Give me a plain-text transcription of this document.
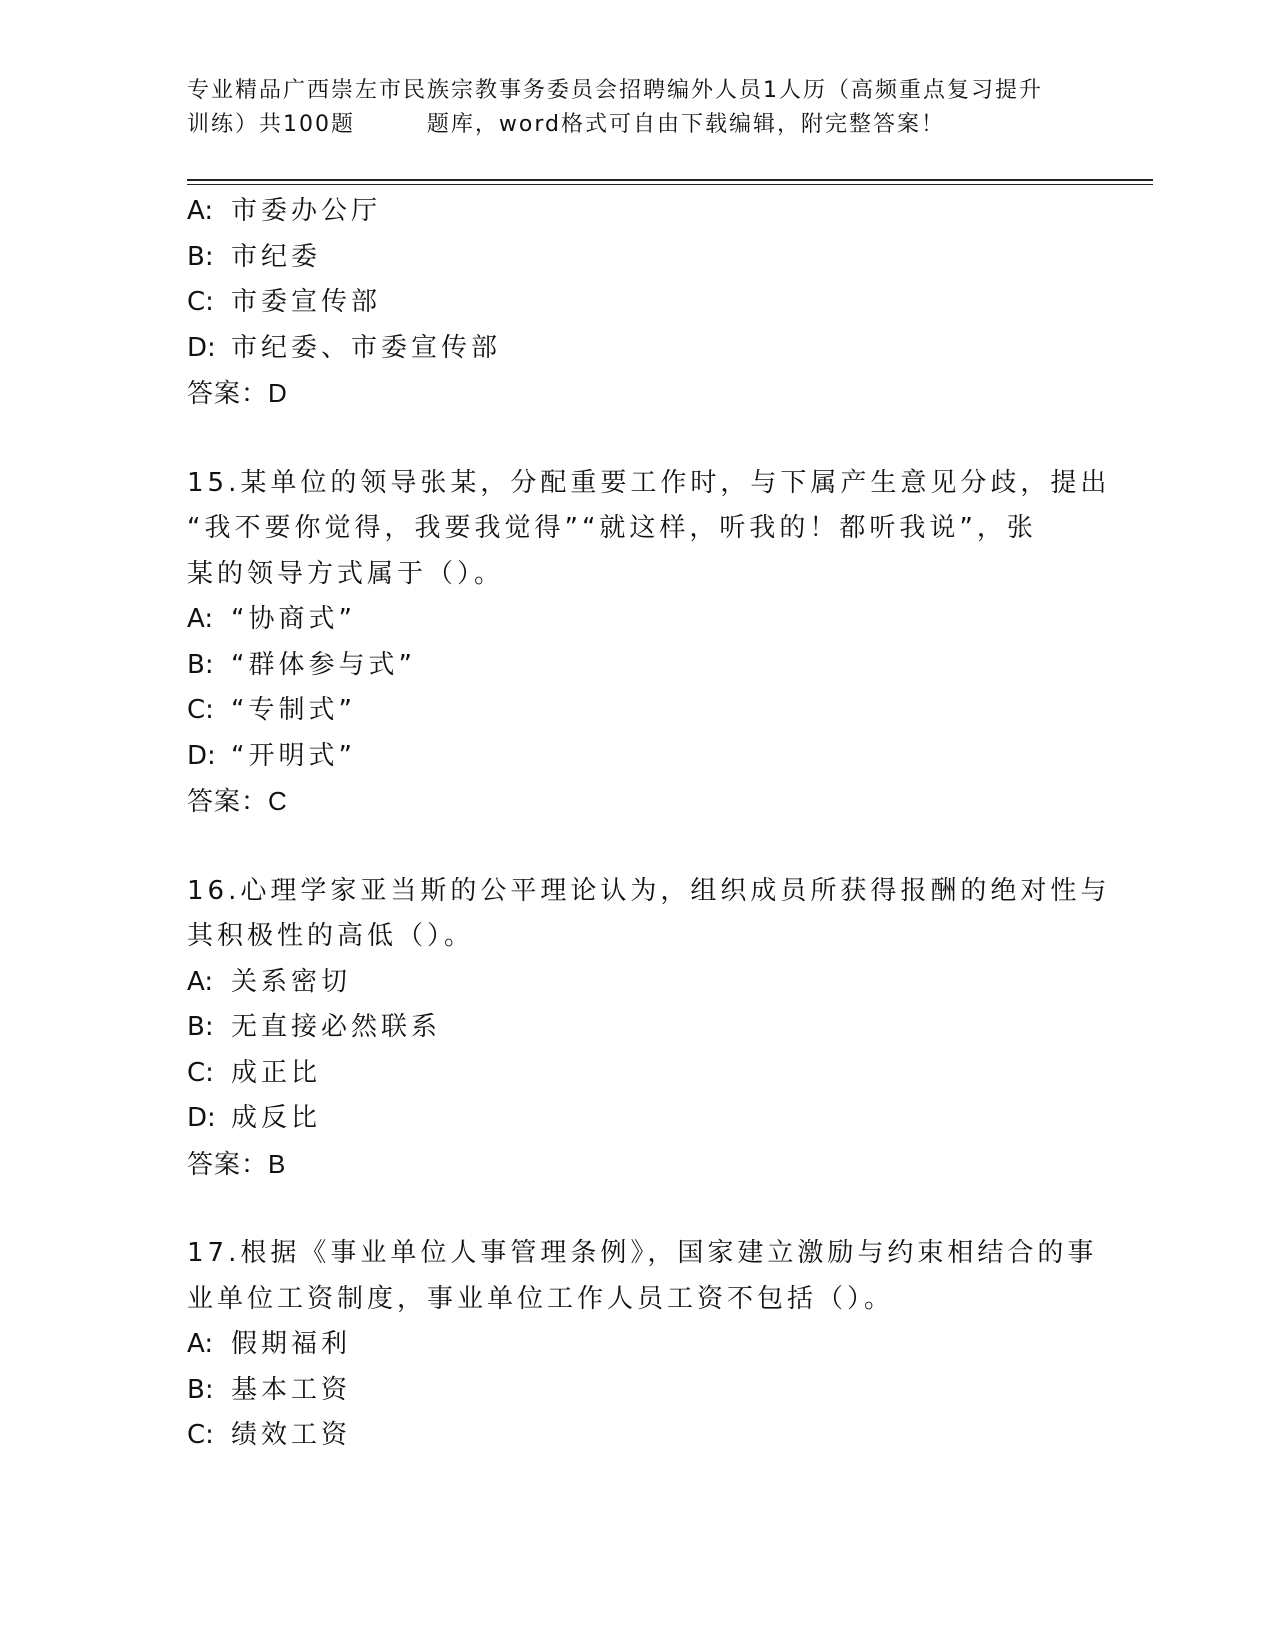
专业精品广西崇左市民族宗教事务委员会招聘编外人员1人历（高频重点复习提升
训练）共100题        题库，word格式可自由下载编辑，附完整答案！
A: 市委办公厅
B: 市纪委
C: 市委宣传部
D: 市纪委、市委宣传部
答案：D
15.某单位的领导张某，分配重要工作时，与下属产生意见分歧，提出
“我不要你觉得，我要我觉得”“就这样，听我的！都听我说”，张
某的领导方式属于（）。
A: “协商式”
B: “群体参与式”
C: “专制式”
D: “开明式”
答案：C
16.心理学家亚当斯的公平理论认为，组织成员所获得报酬的绝对性与
其积极性的高低（）。
A: 关系密切
B: 无直接必然联系
C: 成正比
D: 成反比
答案：B
17.根据《事业单位人事管理条例》，国家建立激励与约束相结合的事
业单位工资制度，事业单位工作人员工资不包括（）。
A: 假期福利
B: 基本工资
C: 绩效工资
